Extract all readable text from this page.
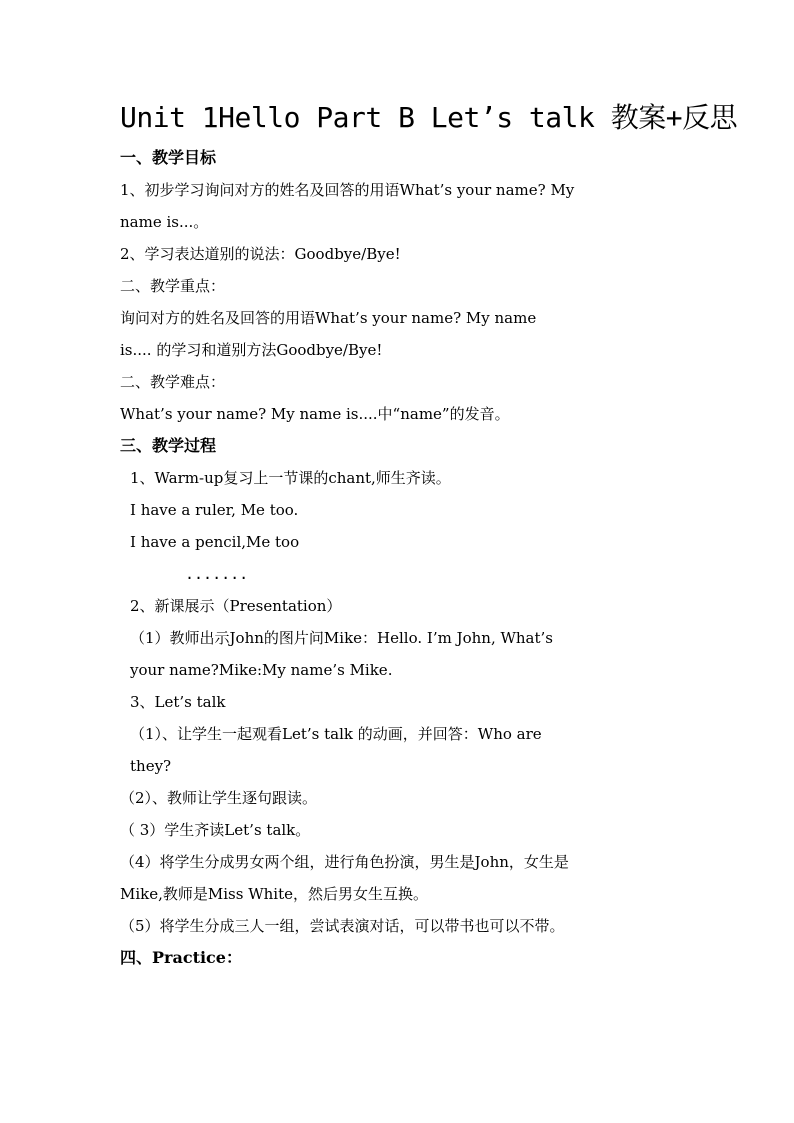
Unit 1Hello Part B Let’s talk 教案+反思
一、教学目标
1、初步学习询问对方的姓名及回答的用语What’s your name? My
name is...。
2、学习表达道别的说法：Goodbye/Bye!
二、教学重点：
询问对方的姓名及回答的用语What’s your name? My name
is.... 的学习和道别方法Goodbye/Bye!
二、教学难点：
What’s your name? My name is....中“name”的发音。
三、教学过程
1、Warm-up复习上一节课的chant,师生齐读。
I have a ruler, Me too.
I have a pencil,Me too
.......
2、新课展示（Presentation）
（1）教师出示John的图片问Mike：Hello. I’m John, What’s
your name?Mike:My name’s Mike.
3、Let’s talk
（1）、让学生一起观看Let’s talk 的动画，并回答：Who are
they?
（2）、教师让学生逐句跟读。
（ 3）学生齐读Let’s talk。
（4）将学生分成男女两个组，进行角色扮演，男生是John，女生是
Mike,教师是Miss White，然后男女生互换。
（5）将学生分成三人一组，尝试表演对话，可以带书也可以不带。
四、Practice：
